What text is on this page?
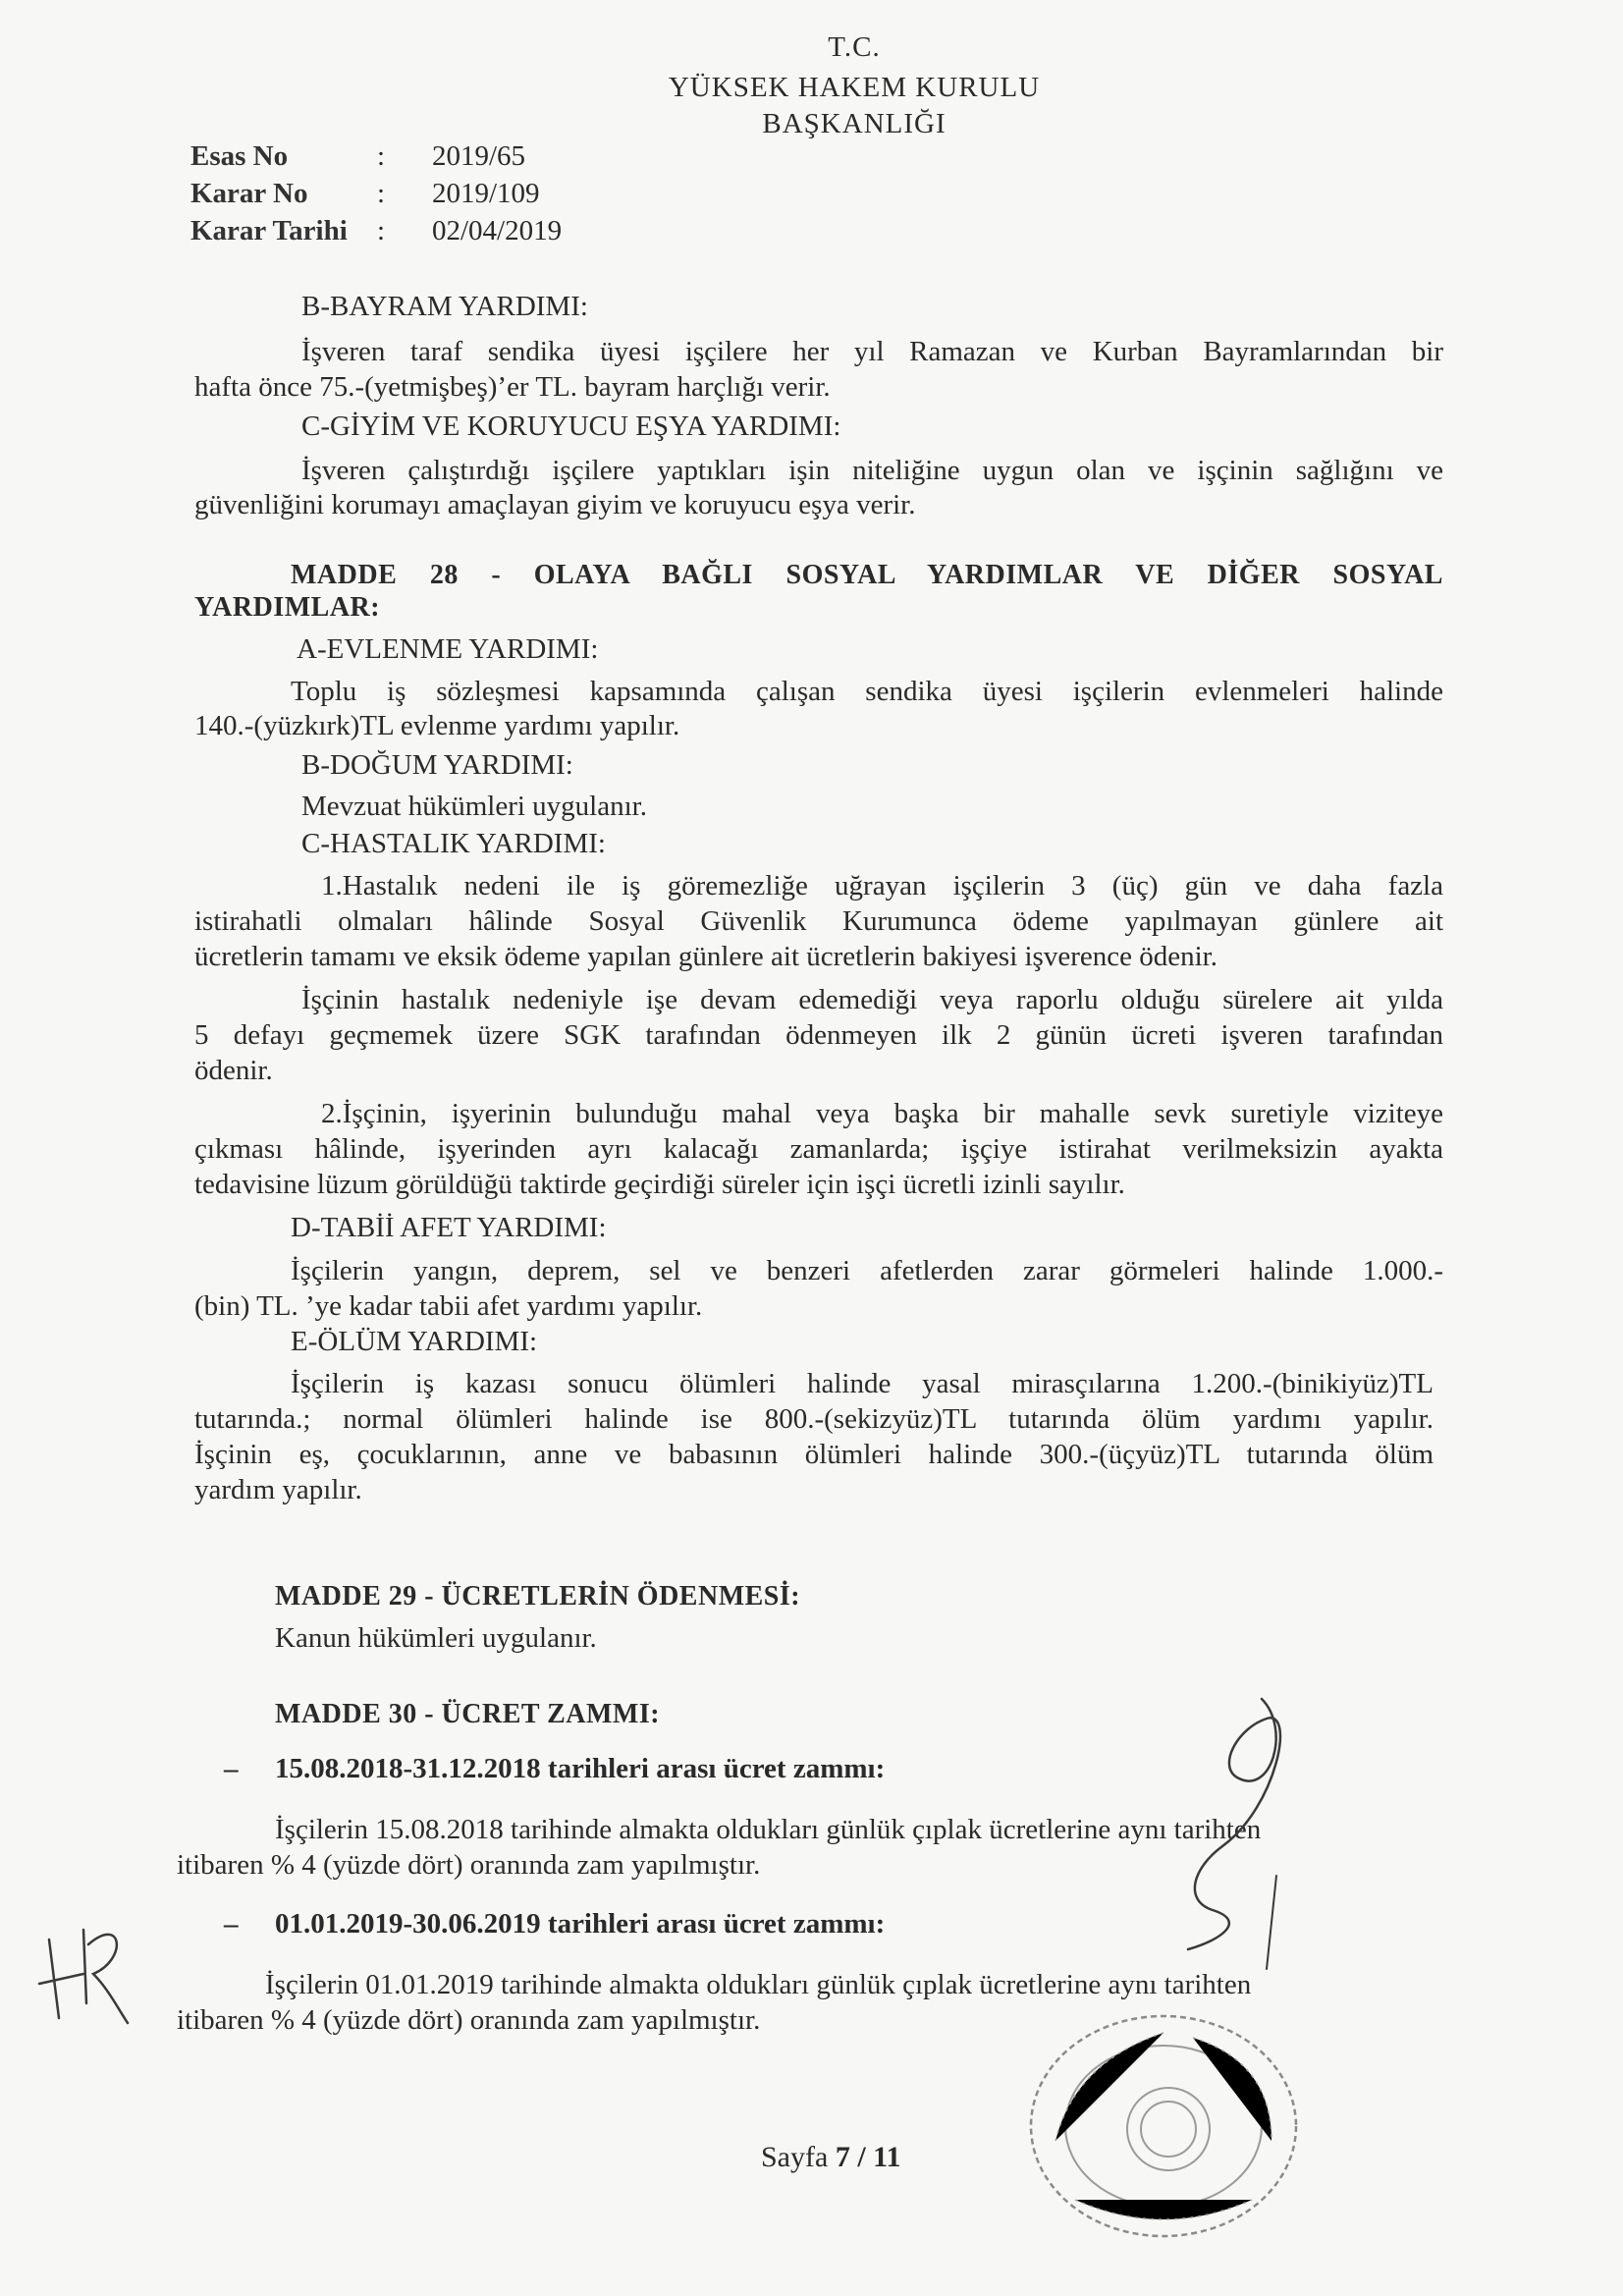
T.C.
YÜKSEK HAKEM KURULU
BAŞKANLIĞI
Esas No	:	2019/65
Karar No	:	2019/109
Karar Tarihi	:	02/04/2019
B-BAYRAM YARDIMI:
İşveren taraf sendika üyesi işçilere her yıl Ramazan ve Kurban Bayramlarından bir
hafta önce 75.-(yetmişbeş)’er TL. bayram harçlığı verir.
C-GİYİM VE KORUYUCU EŞYA YARDIMI:
İşveren çalıştırdığı işçilere yaptıkları işin niteliğine uygun olan ve işçinin sağlığını ve
güvenliğini korumayı amaçlayan giyim ve koruyucu eşya verir.
MADDE 28 - OLAYA BAĞLI SOSYAL YARDIMLAR VE DİĞER SOSYAL
YARDIMLAR:
A-EVLENME YARDIMI:
Toplu iş sözleşmesi kapsamında çalışan sendika üyesi işçilerin evlenmeleri halinde
140.-(yüzkırk)TL evlenme yardımı yapılır.
B-DOĞUM YARDIMI:
Mevzuat hükümleri uygulanır.
C-HASTALIK YARDIMI:
1.Hastalık nedeni ile iş göremezliğe uğrayan işçilerin 3 (üç) gün ve daha fazla
istirahatli olmaları hâlinde Sosyal Güvenlik Kurumunca ödeme yapılmayan günlere ait
ücretlerin tamamı ve eksik ödeme yapılan günlere ait ücretlerin bakiyesi işverence ödenir.
İşçinin hastalık nedeniyle işe devam edemediği veya raporlu olduğu sürelere ait yılda
5 defayı geçmemek üzere SGK tarafından ödenmeyen ilk 2 günün ücreti işveren tarafından
ödenir.
2.İşçinin, işyerinin bulunduğu mahal veya başka bir mahalle sevk suretiyle viziteye
çıkması hâlinde, işyerinden ayrı kalacağı zamanlarda; işçiye istirahat verilmeksizin ayakta
tedavisine lüzum görüldüğü taktirde geçirdiği süreler için işçi ücretli izinli sayılır.
D-TABİİ AFET YARDIMI:
İşçilerin yangın, deprem, sel ve benzeri afetlerden zarar görmeleri halinde 1.000.-
(bin) TL. ’ye kadar tabii afet yardımı yapılır.
E-ÖLÜM YARDIMI:
İşçilerin iş kazası sonucu ölümleri halinde yasal mirasçılarına 1.200.-(binikiyüz)TL
tutarında.; normal ölümleri halinde ise 800.-(sekizyüz)TL tutarında ölüm yardımı yapılır.
İşçinin eş, çocuklarının, anne ve babasının ölümleri halinde 300.-(üçyüz)TL tutarında ölüm
yardım yapılır.
MADDE 29 - ÜCRETLERİN ÖDENMESİ:
Kanun hükümleri uygulanır.
MADDE 30 - ÜCRET ZAMMI:
– 15.08.2018-31.12.2018 tarihleri arası ücret zammı:
İşçilerin 15.08.2018 tarihinde almakta oldukları günlük çıplak ücretlerine aynı tarihten
itibaren % 4 (yüzde dört) oranında zam yapılmıştır.
– 01.01.2019-30.06.2019 tarihleri arası ücret zammı:
İşçilerin 01.01.2019 tarihinde almakta oldukları günlük çıplak ücretlerine aynı tarihten
itibaren % 4 (yüzde dört) oranında zam yapılmıştır.
Sayfa 7 / 11
